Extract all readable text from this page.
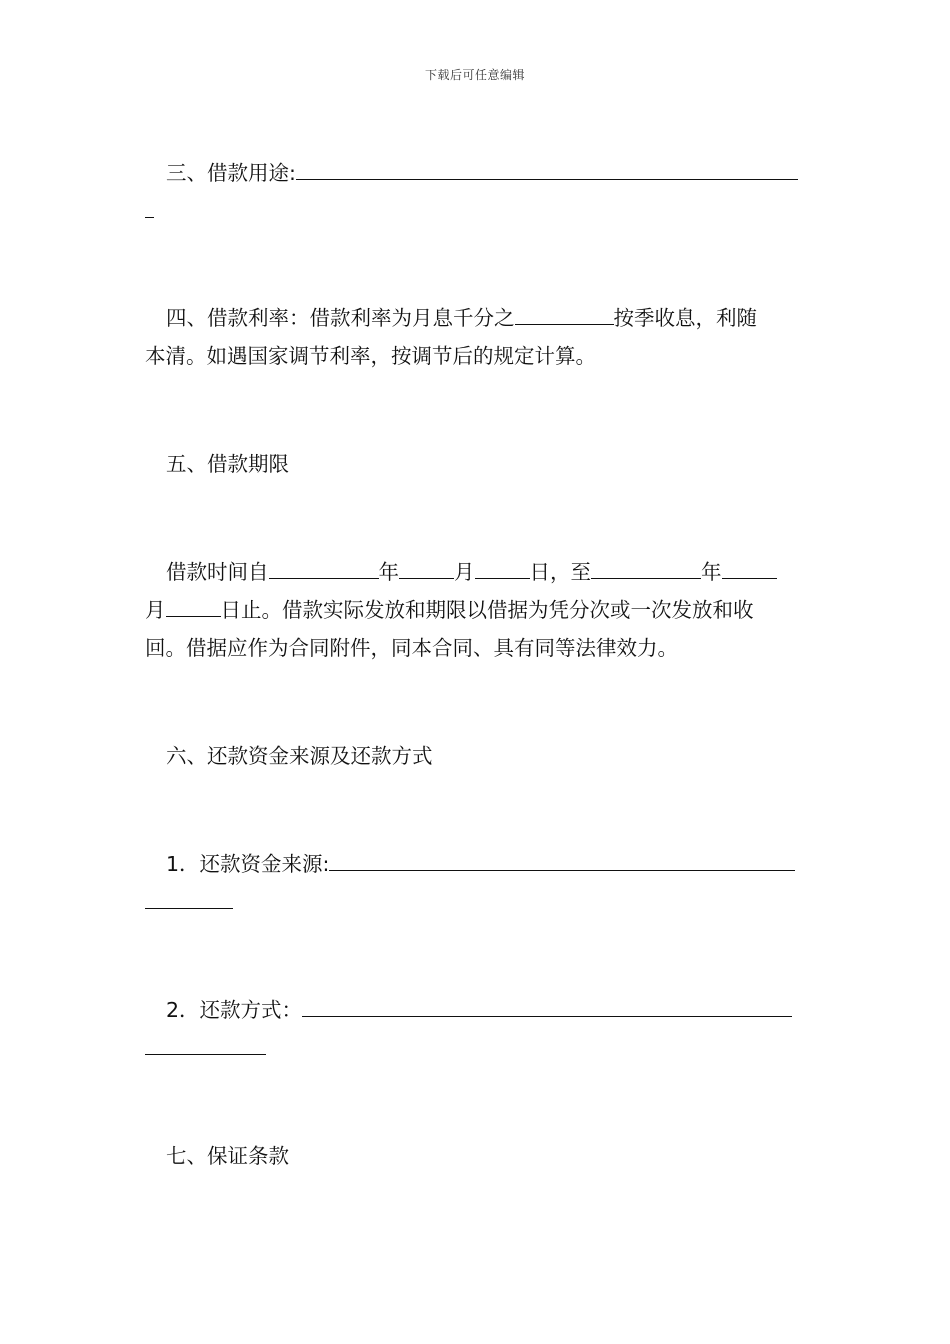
下载后可任意编辑
三、借款用途:
四、借款利率：借款利率为月息千分之	按季收息，利随
本清。如遇国家调节利率，按调节后的规定计算。
五、借款期限
借款时间自	年	月	日，至	年
月	日止。借款实际发放和期限以借据为凭分次或一次发放和收
回。借据应作为合同附件，同本合同、具有同等法律效力。
六、还款资金来源及还款方式
1．还款资金来源:
2．还款方式：
七、保证条款
